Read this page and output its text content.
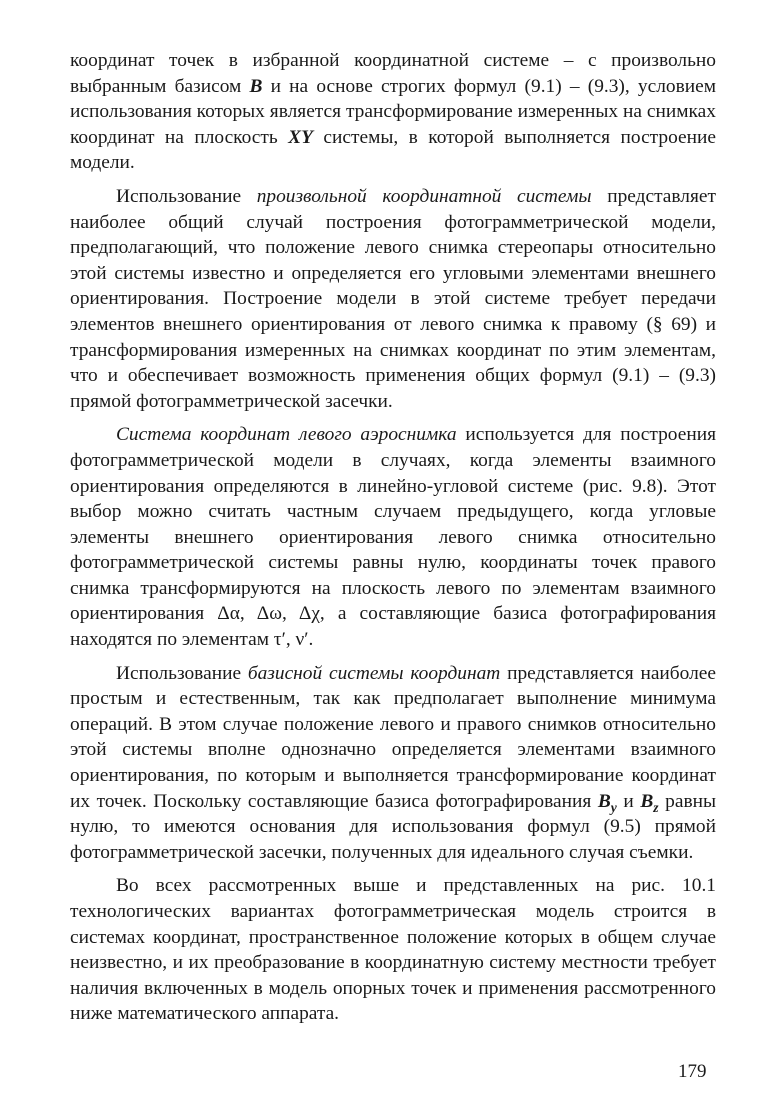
координат точек в избранной координатной системе – с произвольно выбранным базисом B и на основе строгих формул (9.1) – (9.3), условием использования которых является трансформирование измеренных на снимках координат на плоскость XY системы, в которой выполняется построение модели.

Использование произвольной координатной системы представляет наиболее общий случай построения фотограмметрической модели, предполагающий, что положение левого снимка стереопары относительно этой системы известно и определяется его угловыми элементами внешнего ориентирования. Построение модели в этой системе требует передачи элементов внешнего ориентирования от левого снимка к правому (§ 69) и трансформирования измеренных на снимках координат по этим элементам, что и обеспечивает возможность применения общих формул (9.1) – (9.3) прямой фотограмметрической засечки.

Система координат левого аэроснимка используется для построения фотограмметрической модели в случаях, когда элементы взаимного ориентирования определяются в линейно-угловой системе (рис. 9.8). Этот выбор можно считать частным случаем предыдущего, когда угловые элементы внешнего ориентирования левого снимка относительно фотограмметрической системы равны нулю, координаты точек правого снимка трансформируются на плоскость левого по элементам взаимного ориентирования Δα, Δω, Δχ, а составляющие базиса фотографирования находятся по элементам τ′, ν′.

Использование базисной системы координат представляется наиболее простым и естественным, так как предполагает выполнение минимума операций. В этом случае положение левого и правого снимков относительно этой системы вполне однозначно определяется элементами взаимного ориентирования, по которым и выполняется трансформирование координат их точек. Поскольку составляющие базиса фотографирования $B_y$ и $B_z$ равны нулю, то имеются основания для использования формул (9.5) прямой фотограмметрической засечки, полученных для идеального случая съемки.

Во всех рассмотренных выше и представленных на рис. 10.1 технологических вариантах фотограмметрическая модель строится в системах координат, пространственное положение которых в общем случае неизвестно, и их преобразование в координатную систему местности требует наличия включенных в модель опорных точек и применения рассмотренного ниже математического аппарата.

179
